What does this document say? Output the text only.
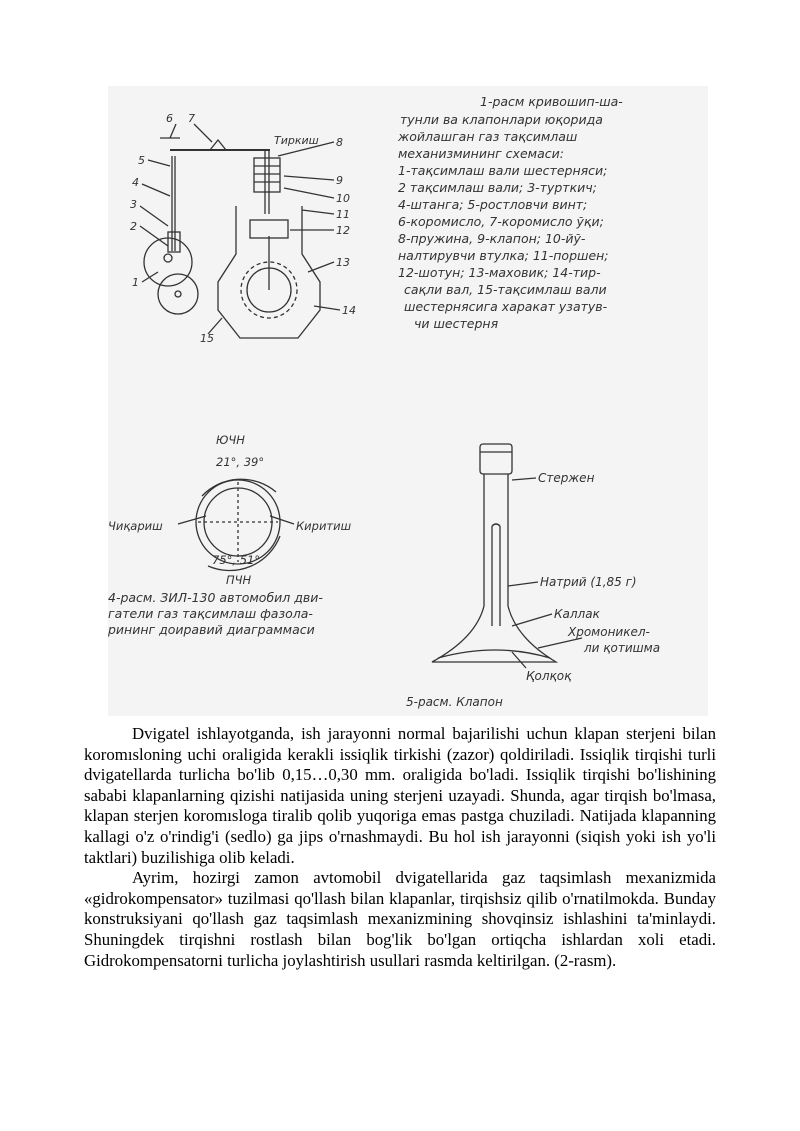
6 7
5
4
3
2
1
8
9
10
11
12
13
14
15
Тиркиш
1-расм кривошип-ша-
тунли ва клапонлари юқорида
жойлашган газ тақсимлаш
механизмининг схемаси:
1-тақсимлаш вали шестерняси;
2 тақсимлаш вали; 3-турткич;
4-штанга; 5-ростловчи винт;
6-коромисло, 7-коромисло ўқи;
8-пружина, 9-клапон; 10-йў-
налтирувчи втулка; 11-поршен;
12-шотун; 13-маховик; 14-тир-
сақли вал, 15-тақсимлаш вали
шестернясига харакат узатув-
чи шестерня
ЮЧН
21°, 39°
Чиқариш	Киритиш
75°, 51°
ПЧН
4-расм. ЗИЛ-130 автомобил дви-
гатели газ тақсимлаш фазола-
рининг доиравий диаграммаси
Стержен
Натрий (1,85 г)
Каллак
Хромоникел-
ли қотишма
Қолқоқ
5-расм. Клапон

Dvigatel ishlayotganda, ish jarayonni normal bajarilishi uchun klapan sterjeni bilan koromısloning uchi oraligida kerakli issiqlik tirkishi (zazor) qoldiriladi. Issiqlik tirqishi turli dvigatellarda turlicha bo'lib 0,15…0,30 mm. oraligida bo'ladi. Issiqlik tirqishi bo'lishining sababi klapanlarning qizishi natijasida uning sterjeni uzayadi. Shunda, agar tirqish bo'lmasa, klapan sterjen koromısloga tiralib qolib yuqoriga emas pastga chuziladi. Natijada klapanning kallagi o'z o'rindig'i (sedlo) ga jips o'rnashmaydi. Bu hol ish jarayonni (siqish yoki ish yo'li taktlari) buzilishiga olib keladi.

Ayrim, hozirgi zamon avtomobil dvigatellarida gaz taqsimlash mexanizmida «gidrokompensator» tuzilmasi qo'llash bilan klapanlar, tirqishsiz qilib o'rnatilmokda. Bunday konstruksiyani qo'llash gaz taqsimlash mexanizmining shovqinsiz ishlashini ta'minlaydi. Shuningdek tirqishni rostlash bilan bog'lik bo'lgan ortiqcha ishlardan xoli etadi. Gidrokompensatorni turlicha joylashtirish usullari rasmda keltirilgan. (2-rasm).
